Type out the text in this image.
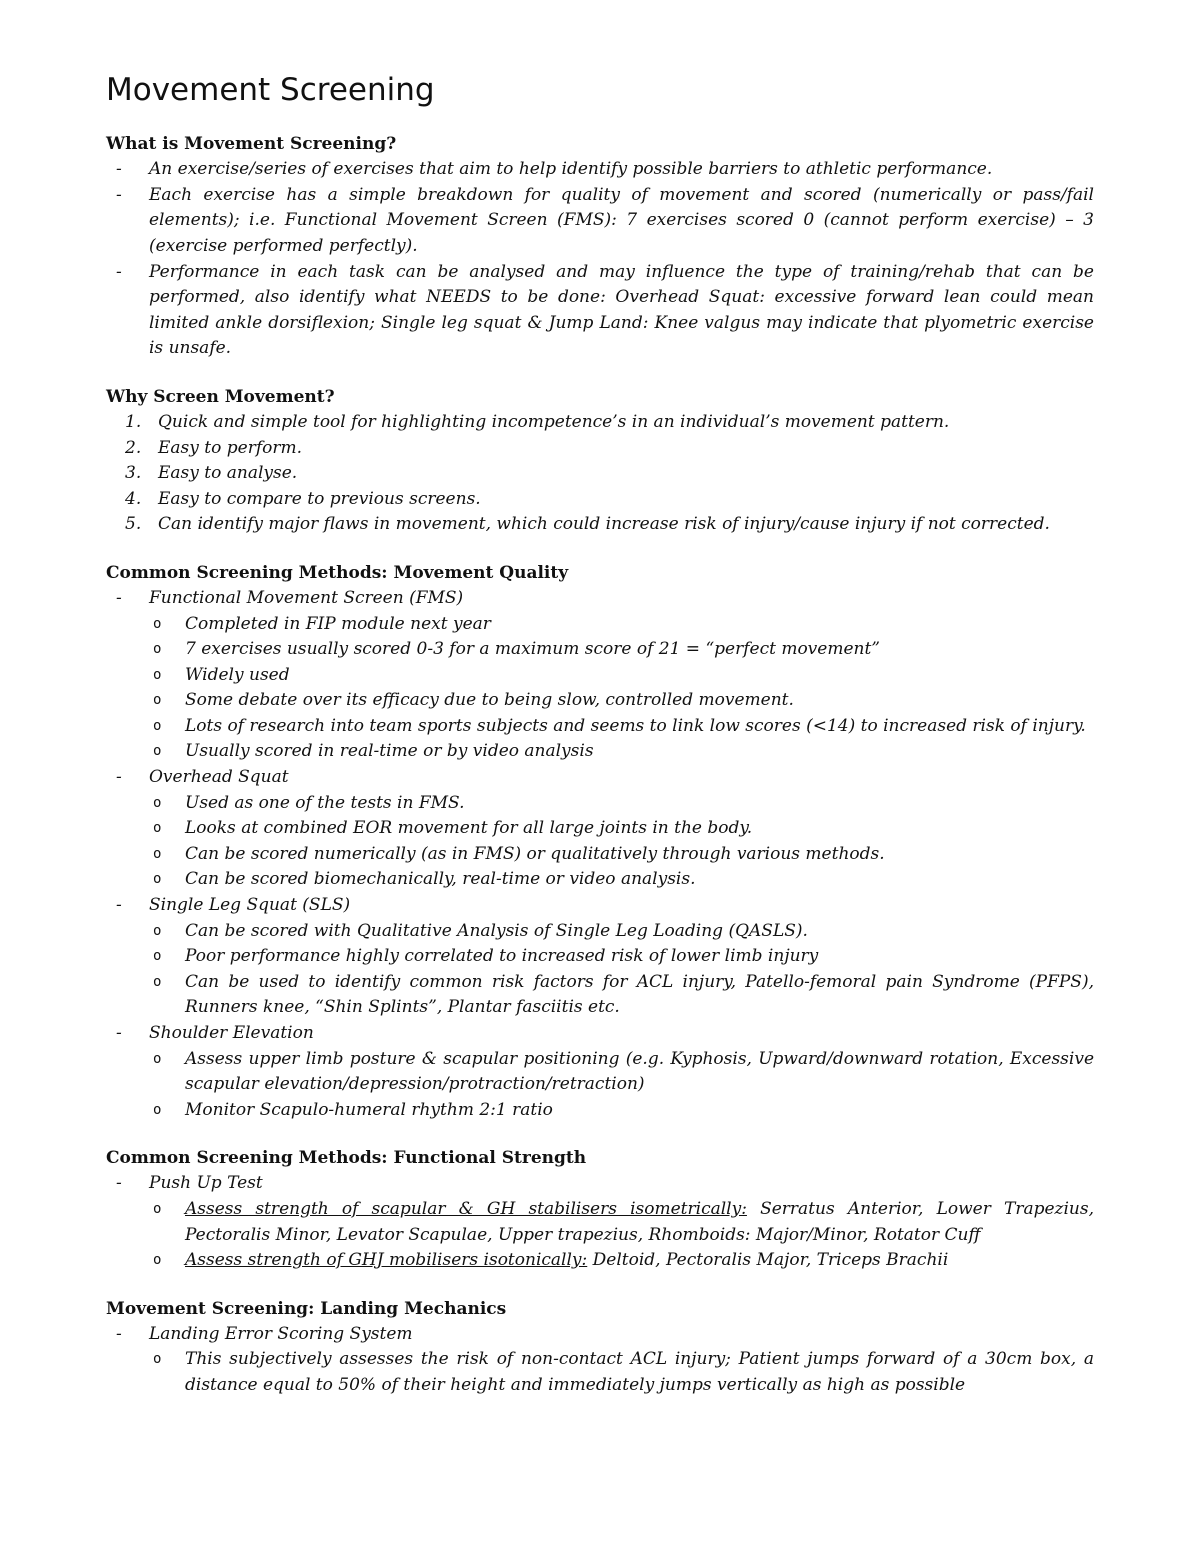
Movement Screening
What is Movement Screening?
- An exercise/series of exercises that aim to help identify possible barriers to athletic performance.
- Each exercise has a simple breakdown for quality of movement and scored (numerically or pass/fail elements); i.e. Functional Movement Screen (FMS): 7 exercises scored 0 (cannot perform exercise) – 3 (exercise performed perfectly).
- Performance in each task can be analysed and may influence the type of training/rehab that can be performed, also identify what NEEDS to be done: Overhead Squat: excessive forward lean could mean limited ankle dorsiflexion; Single leg squat & Jump Land: Knee valgus may indicate that plyometric exercise is unsafe.
Why Screen Movement?
1. Quick and simple tool for highlighting incompetence’s in an individual’s movement pattern.
2. Easy to perform.
3. Easy to analyse.
4. Easy to compare to previous screens.
5. Can identify major flaws in movement, which could increase risk of injury/cause injury if not corrected.
Common Screening Methods: Movement Quality
- Functional Movement Screen (FMS)
o Completed in FIP module next year
o 7 exercises usually scored 0-3 for a maximum score of 21 = “perfect movement”
o Widely used
o Some debate over its efficacy due to being slow, controlled movement.
o Lots of research into team sports subjects and seems to link low scores (<14) to increased risk of injury.
o Usually scored in real-time or by video analysis
- Overhead Squat
o Used as one of the tests in FMS.
o Looks at combined EOR movement for all large joints in the body.
o Can be scored numerically (as in FMS) or qualitatively through various methods.
o Can be scored biomechanically, real-time or video analysis.
- Single Leg Squat (SLS)
o Can be scored with Qualitative Analysis of Single Leg Loading (QASLS).
o Poor performance highly correlated to increased risk of lower limb injury
o Can be used to identify common risk factors for ACL injury, Patello-femoral pain Syndrome (PFPS), Runners knee, “Shin Splints”, Plantar fasciitis etc.
- Shoulder Elevation
o Assess upper limb posture & scapular positioning (e.g. Kyphosis, Upward/downward rotation, Excessive scapular elevation/depression/protraction/retraction)
o Monitor Scapulo-humeral rhythm 2:1 ratio
Common Screening Methods: Functional Strength
- Push Up Test
o Assess strength of scapular & GH stabilisers isometrically: Serratus Anterior, Lower Trapezius, Pectoralis Minor, Levator Scapulae, Upper trapezius, Rhomboids: Major/Minor, Rotator Cuff
o Assess strength of GHJ mobilisers isotonically: Deltoid, Pectoralis Major, Triceps Brachii
Movement Screening: Landing Mechanics
- Landing Error Scoring System
o This subjectively assesses the risk of non-contact ACL injury; Patient jumps forward of a 30cm box, a distance equal to 50% of their height and immediately jumps vertically as high as possible
